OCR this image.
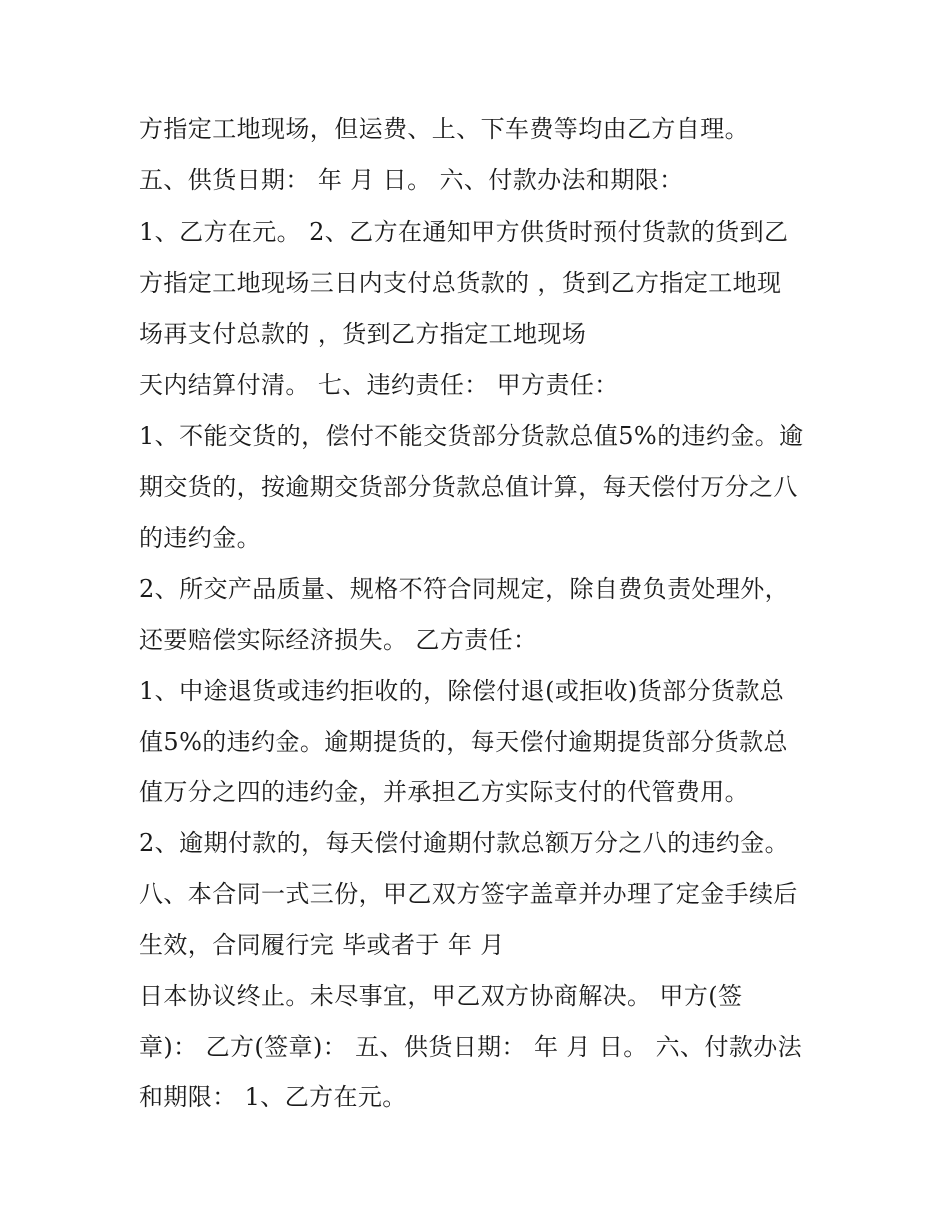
方指定工地现场，但运费、上、下车费等均由乙方自理。
五、供货日期： 年 月 日。 六、付款办法和期限：
1、乙方在元。 2、乙方在通知甲方供货时预付货款的货到乙
方指定工地现场三日内支付总货款的 ，货到乙方指定工地现
场再支付总款的 ，货到乙方指定工地现场
天内结算付清。 七、违约责任： 甲方责任：
1、不能交货的，偿付不能交货部分货款总值5%的违约金。逾
期交货的，按逾期交货部分货款总值计算，每天偿付万分之八
的违约金。
2、所交产品质量、规格不符合同规定，除自费负责处理外，
还要赔偿实际经济损失。 乙方责任：
1、中途退货或违约拒收的，除偿付退(或拒收)货部分货款总
值5%的违约金。逾期提货的，每天偿付逾期提货部分货款总
值万分之四的违约金，并承担乙方实际支付的代管费用。
2、逾期付款的，每天偿付逾期付款总额万分之八的违约金。
八、本合同一式三份，甲乙双方签字盖章并办理了定金手续后
生效，合同履行完 毕或者于 年 月
日本协议终止。未尽事宜，甲乙双方协商解决。 甲方(签
章)： 乙方(签章)： 五、供货日期： 年 月 日。 六、付款办法
和期限： 1、乙方在元。
